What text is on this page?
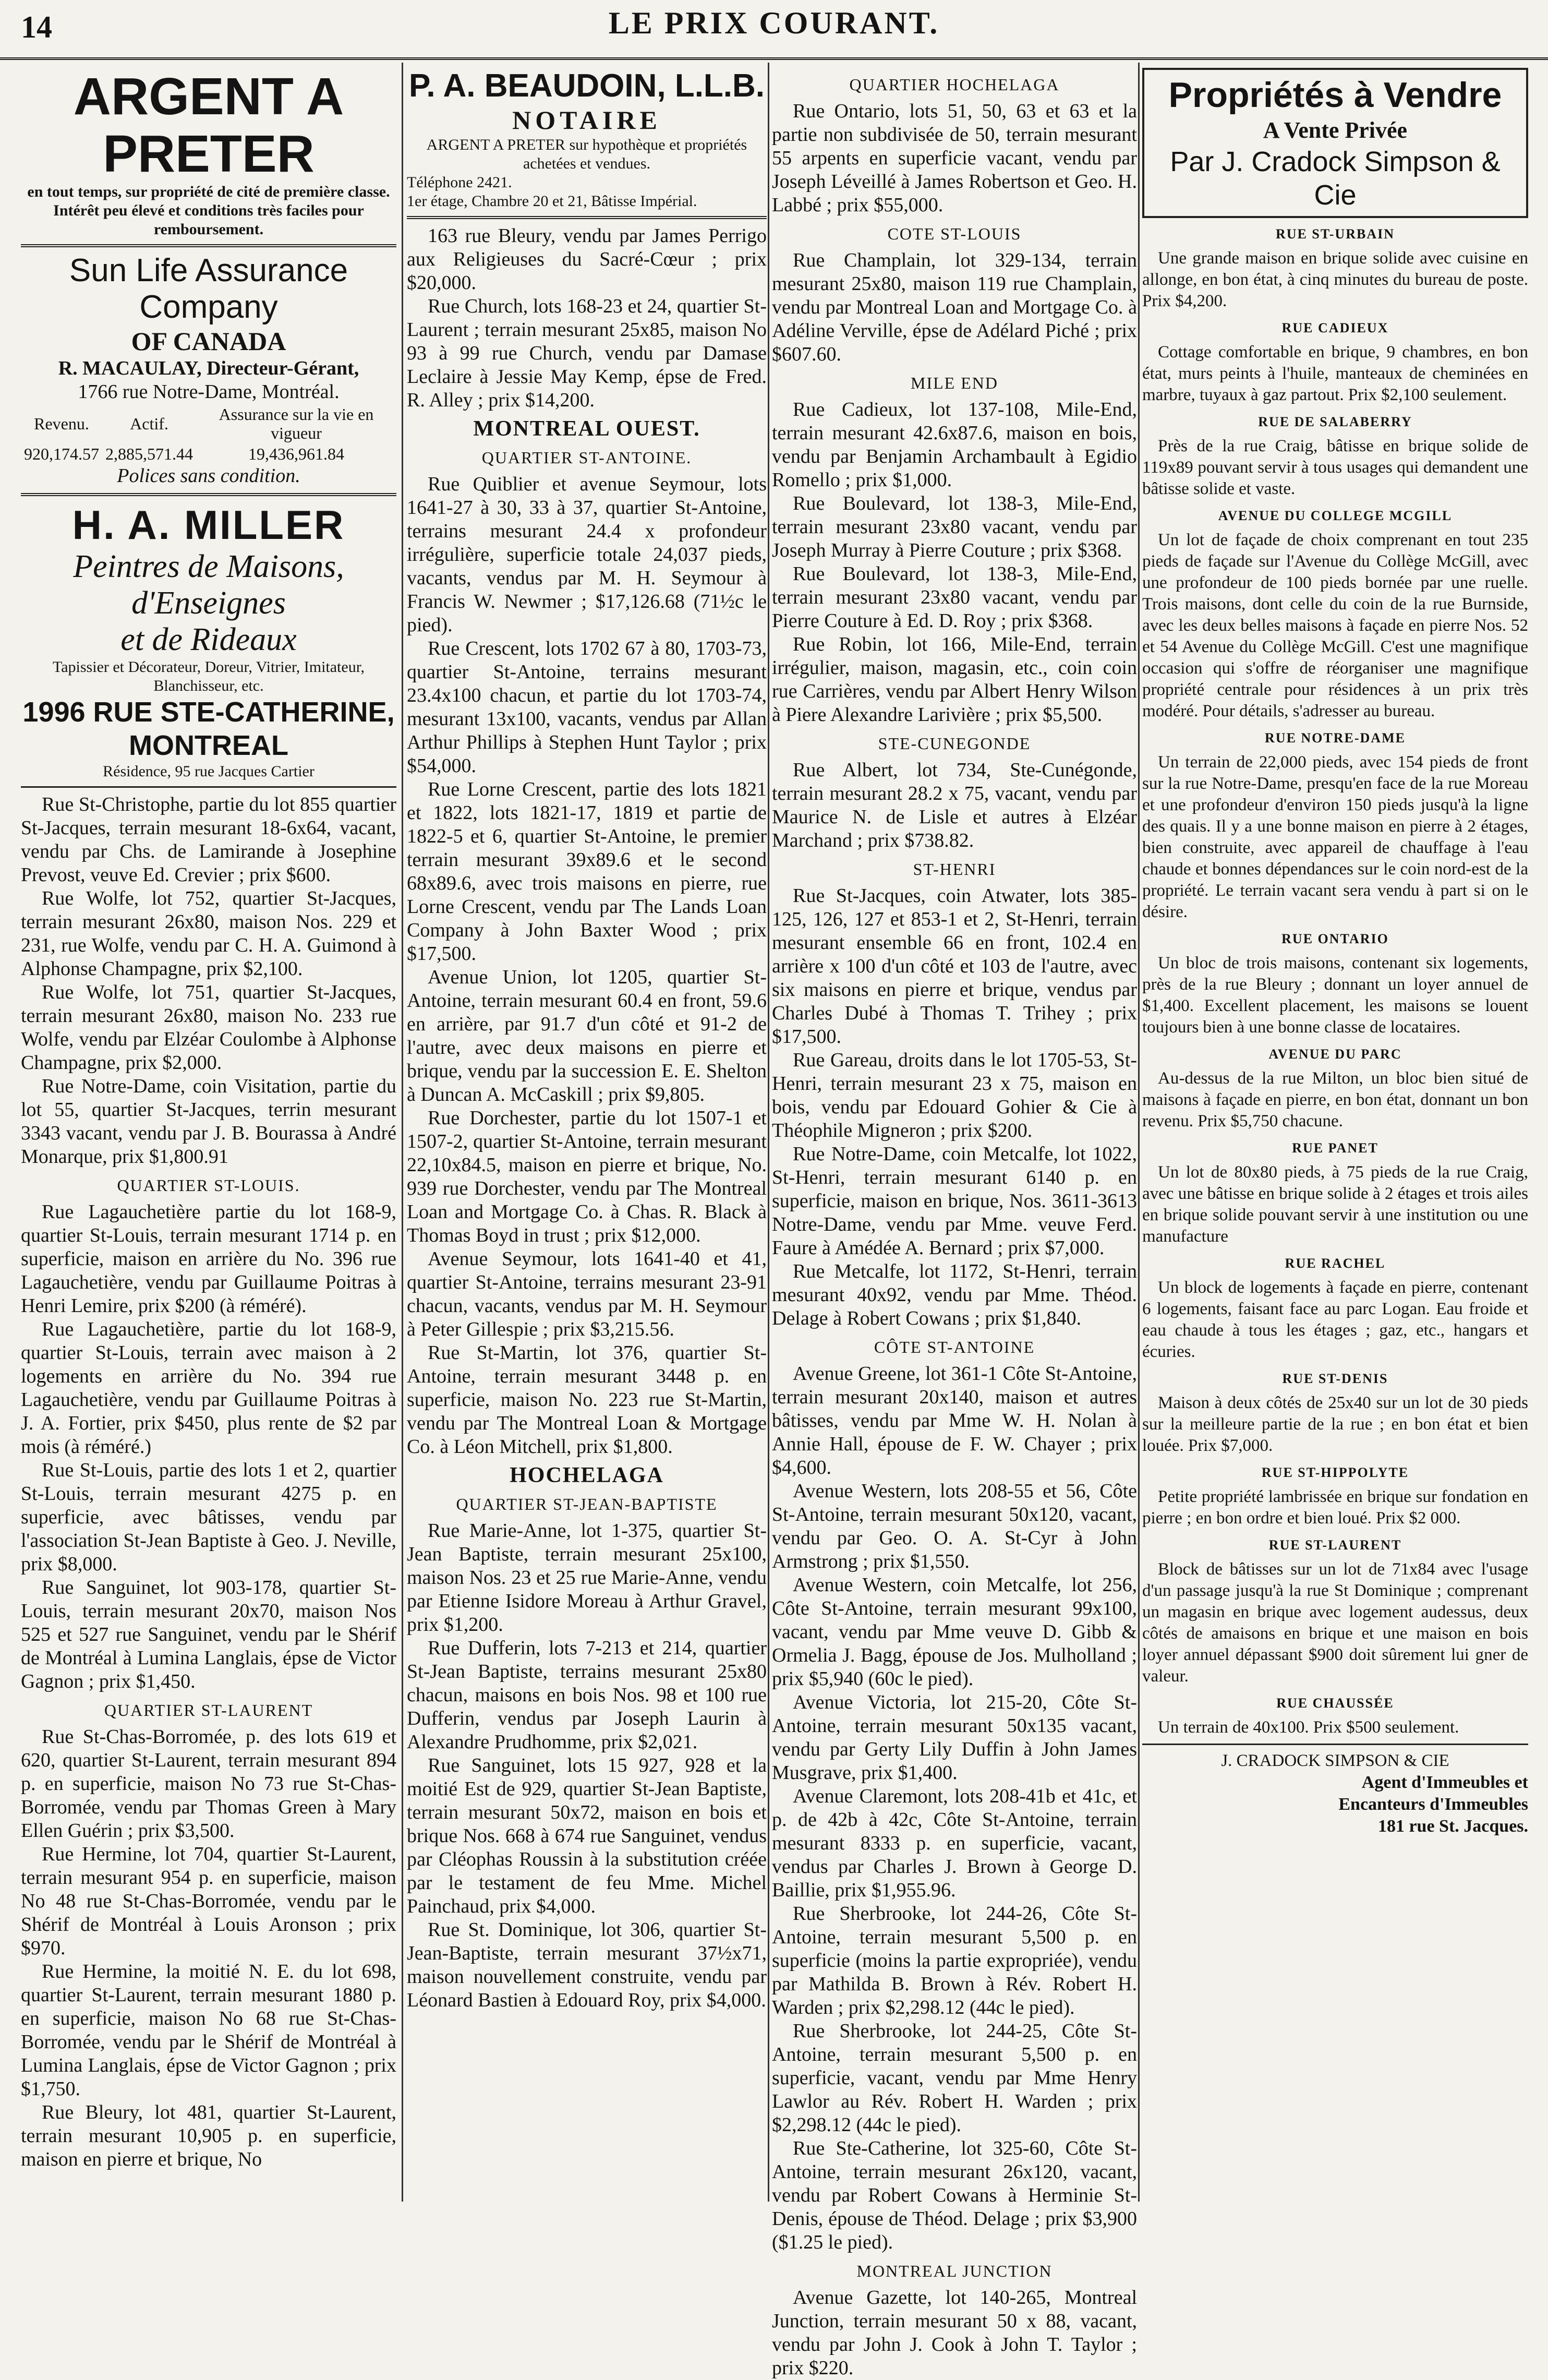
14	LE PRIX COURANT.
ARGENT A PRETER
en tout temps, sur propriété de cité de première classe. Intérêt peu élevé et conditions très faciles pour remboursement.
Sun Life Assurance Company
OF CANADA
R. MACAULAY, Directeur-Gérant,
1766 rue Notre-Dame, Montréal.
Revenu.	Actif.	Assurance sur la vie en vigueur
920,174.57	2,885,571.44	19,436,961.84
Polices sans condition.
H. A. MILLER
Peintres de Maisons, d'Enseignes
et de Rideaux
Tapissier et Décorateur, Doreur, Vitrier, Imitateur, Blanchisseur, etc.
1996 RUE STE-CATHERINE, MONTREAL
Résidence, 95 rue Jacques Cartier

Rue St-Christophe, partie du lot 855 quartier St-Jacques, terrain mesurant 18-6x64, vacant, vendu par Chs. de Lamirande à Josephine Prevost, veuve Ed. Crevier ; prix $600.

Rue Wolfe, lot 752, quartier St-Jacques, terrain mesurant 26x80, maison Nos. 229 et 231, rue Wolfe, vendu par C. H. A. Guimond à Alphonse Champagne, prix $2,100.

Rue Wolfe, lot 751, quartier St-Jacques, terrain mesurant 26x80, maison No. 233 rue Wolfe, vendu par Elzéar Coulombe à Alphonse Champagne, prix $2,000.

Rue Notre-Dame, coin Visitation, partie du lot 55, quartier St-Jacques, terrin mesurant 3343 vacant, vendu par J. B. Bourassa à André Monarque, prix $1,800.91

QUARTIER ST-LOUIS.

Rue Lagauchetière partie du lot 168-9, quartier St-Louis, terrain mesurant 1714 p. en superficie, maison en arrière du No. 396 rue Lagauchetière, vendu par Guillaume Poitras à Henri Lemire, prix $200 (à réméré).

Rue Lagauchetière, partie du lot 168-9, quartier St-Louis, terrain avec maison à 2 logements en arrière du No. 394 rue Lagauchetière, vendu par Guillaume Poitras à J. A. Fortier, prix $450, plus rente de $2 par mois (à réméré.)

Rue St-Louis, partie des lots 1 et 2, quartier St-Louis, terrain mesurant 4275 p. en superficie, avec bâtisses, vendu par l'association St-Jean Baptiste à Geo. J. Neville, prix $8,000.

Rue Sanguinet, lot 903-178, quartier St-Louis, terrain mesurant 20x70, maison Nos 525 et 527 rue Sanguinet, vendu par le Shérif de Montréal à Lumina Langlais, épse de Victor Gagnon ; prix $1,450.

QUARTIER ST-LAURENT

Rue St-Chas-Borromée, p. des lots 619 et 620, quartier St-Laurent, terrain mesurant 894 p. en superficie, maison No 73 rue St-Chas-Borromée, vendu par Thomas Green à Mary Ellen Guérin ; prix $3,500.

Rue Hermine, lot 704, quartier St-Laurent, terrain mesurant 954 p. en superficie, maison No 48 rue St-Chas-Borromée, vendu par le Shérif de Montréal à Louis Aronson ; prix $970.

Rue Hermine, la moitié N. E. du lot 698, quartier St-Laurent, terrain mesurant 1880 p. en superficie, maison No 68 rue St-Chas-Borromée, vendu par le Shérif de Montréal à Lumina Langlais, épse de Victor Gagnon ; prix $1,750.

Rue Bleury, lot 481, quartier St-Laurent, terrain mesurant 10,905 p. en superficie, maison en pierre et brique, No

P. A. BEAUDOIN, L.L.B.
NOTAIRE
ARGENT A PRETER sur hypothèque et propriétés achetées et vendues.
Téléphone 2421.
1er étage, Chambre 20 et 21, Bâtisse Impérial.

163 rue Bleury, vendu par James Perrigo aux Religieuses du Sacré-Cœur ; prix $20,000.

Rue Church, lots 168-23 et 24, quartier St-Laurent ; terrain mesurant 25x85, maison No 93 à 99 rue Church, vendu par Damase Leclaire à Jessie May Kemp, épse de Fred. R. Alley ; prix $14,200.

MONTREAL OUEST.
QUARTIER ST-ANTOINE.

Rue Quiblier et avenue Seymour, lots 1641-27 à 30, 33 à 37, quartier St-Antoine, terrains mesurant 24.4 x profondeur irrégulière, superficie totale 24,037 pieds, vacants, vendus par M. H. Seymour à Francis W. Newmer ; $17,126.68 (71½c le pied).

Rue Crescent, lots 1702 67 à 80, 1703-73, quartier St-Antoine, terrains mesurant 23.4x100 chacun, et partie du lot 1703-74, mesurant 13x100, vacants, vendus par Allan Arthur Phillips à Stephen Hunt Taylor ; prix $54,000.

Rue Lorne Crescent, partie des lots 1821 et 1822, lots 1821-17, 1819 et partie de 1822-5 et 6, quartier St-Antoine, le premier terrain mesurant 39x89.6 et le second 68x89.6, avec trois maisons en pierre, rue Lorne Crescent, vendu par The Lands Loan Company à John Baxter Wood ; prix $17,500.

Avenue Union, lot 1205, quartier St-Antoine, terrain mesurant 60.4 en front, 59.6 en arrière, par 91.7 d'un côté et 91-2 de l'autre, avec deux maisons en pierre et brique, vendu par la succession E. E. Shelton à Duncan A. McCaskill ; prix $9,805.

Rue Dorchester, partie du lot 1507-1 et 1507-2, quartier St-Antoine, terrain mesurant 22,10x84.5, maison en pierre et brique, No. 939 rue Dorchester, vendu par The Montreal Loan and Mortgage Co. à Chas. R. Black à Thomas Boyd in trust ; prix $12,000.

Avenue Seymour, lots 1641-40 et 41, quartier St-Antoine, terrains mesurant 23-91 chacun, vacants, vendus par M. H. Seymour à Peter Gillespie ; prix $3,215.56.

Rue St-Martin, lot 376, quartier St-Antoine, terrain mesurant 3448 p. en superficie, maison No. 223 rue St-Martin, vendu par The Montreal Loan & Mortgage Co. à Léon Mitchell, prix $1,800.

HOCHELAGA
QUARTIER ST-JEAN-BAPTISTE

Rue Marie-Anne, lot 1-375, quartier St-Jean Baptiste, terrain mesurant 25x100, maison Nos. 23 et 25 rue Marie-Anne, vendu par Etienne Isidore Moreau à Arthur Gravel, prix $1,200.

Rue Dufferin, lots 7-213 et 214, quartier St-Jean Baptiste, terrains mesurant 25x80 chacun, maisons en bois Nos. 98 et 100 rue Dufferin, vendus par Joseph Laurin à Alexandre Prudhomme, prix $2,021.

Rue Sanguinet, lots 15 927, 928 et la moitié Est de 929, quartier St-Jean Baptiste, terrain mesurant 50x72, maison en bois et brique Nos. 668 à 674 rue Sanguinet, vendus par Cléophas Roussin à la substitution créée par le testament de feu Mme. Michel Painchaud, prix $4,000.

Rue St. Dominique, lot 306, quartier St-Jean-Baptiste, terrain mesurant 37½x71, maison nouvellement construite, vendu par Léonard Bastien à Edouard Roy, prix $4,000.

QUARTIER HOCHELAGA

Rue Ontario, lots 51, 50, 63 et 63 et la partie non subdivisée de 50, terrain mesurant 55 arpents en superficie vacant, vendu par Joseph Léveillé à James Robertson et Geo. H. Labbé ; prix $55,000.

COTE ST-LOUIS

Rue Champlain, lot 329-134, terrain mesurant 25x80, maison 119 rue Champlain, vendu par Montreal Loan and Mortgage Co. à Adéline Verville, épse de Adélard Piché ; prix $607.60.

MILE END

Rue Cadieux, lot 137-108, Mile-End, terrain mesurant 42.6x87.6, maison en bois, vendu par Benjamin Archambault à Egidio Romello ; prix $1,000.

Rue Boulevard, lot 138-3, Mile-End, terrain mesurant 23x80 vacant, vendu par Joseph Murray à Pierre Couture ; prix $368.

Rue Boulevard, lot 138-3, Mile-End, terrain mesurant 23x80 vacant, vendu par Pierre Couture à Ed. D. Roy ; prix $368.

Rue Robin, lot 166, Mile-End, terrain irrégulier, maison, magasin, etc., coin coin rue Carrières, vendu par Albert Henry Wilson à Piere Alexandre Larivière ; prix $5,500.

STE-CUNEGONDE

Rue Albert, lot 734, Ste-Cunégonde, terrain mesurant 28.2 x 75, vacant, vendu par Maurice N. de Lisle et autres à Elzéar Marchand ; prix $738.82.

ST-HENRI

Rue St-Jacques, coin Atwater, lots 385-125, 126, 127 et 853-1 et 2, St-Henri, terrain mesurant ensemble 66 en front, 102.4 en arrière x 100 d'un côté et 103 de l'autre, avec six maisons en pierre et brique, vendus par Charles Dubé à Thomas T. Trihey ; prix $17,500.

Rue Gareau, droits dans le lot 1705-53, St-Henri, terrain mesurant 23 x 75, maison en bois, vendu par Edouard Gohier & Cie à Théophile Migneron ; prix $200.

Rue Notre-Dame, coin Metcalfe, lot 1022, St-Henri, terrain mesurant 6140 p. en superficie, maison en brique, Nos. 3611-3613 Notre-Dame, vendu par Mme. veuve Ferd. Faure à Amédée A. Bernard ; prix $7,000.

Rue Metcalfe, lot 1172, St-Henri, terrain mesurant 40x92, vendu par Mme. Théod. Delage à Robert Cowans ; prix $1,840.

CÔTE ST-ANTOINE

Avenue Greene, lot 361-1 Côte St-Antoine, terrain mesurant 20x140, maison et autres bâtisses, vendu par Mme W. H. Nolan à Annie Hall, épouse de F. W. Chayer ; prix $4,600.

Avenue Western, lots 208-55 et 56, Côte St-Antoine, terrain mesurant 50x120, vacant, vendu par Geo. O. A. St-Cyr à John Armstrong ; prix $1,550.

Avenue Western, coin Metcalfe, lot 256, Côte St-Antoine, terrain mesurant 99x100, vacant, vendu par Mme veuve D. Gibb & Ormelia J. Bagg, épouse de Jos. Mulholland ; prix $5,940 (60c le pied).

Avenue Victoria, lot 215-20, Côte St-Antoine, terrain mesurant 50x135 vacant, vendu par Gerty Lily Duffin à John James Musgrave, prix $1,400.

Avenue Claremont, lots 208-41b et 41c, et p. de 42b à 42c, Côte St-Antoine, terrain mesurant 8333 p. en superficie, vacant, vendus par Charles J. Brown à George D. Baillie, prix $1,955.96.

Rue Sherbrooke, lot 244-26, Côte St-Antoine, terrain mesurant 5,500 p. en superficie (moins la partie expropriée), vendu par Mathilda B. Brown à Rév. Robert H. Warden ; prix $2,298.12 (44c le pied).

Rue Sherbrooke, lot 244-25, Côte St-Antoine, terrain mesurant 5,500 p. en superficie, vacant, vendu par Mme Henry Lawlor au Rév. Robert H. Warden ; prix $2,298.12 (44c le pied).

Rue Ste-Catherine, lot 325-60, Côte St-Antoine, terrain mesurant 26x120, vacant, vendu par Robert Cowans à Herminie St-Denis, épouse de Théod. Delage ; prix $3,900 ($1.25 le pied).

MONTREAL JUNCTION

Avenue Gazette, lot 140-265, Montreal Junction, terrain mesurant 50 x 88, vacant, vendu par John J. Cook à John T. Taylor ; prix $220.

Propriétés à Vendre
A Vente Privée
Par J. Cradock Simpson & Cie
RUE ST-URBAIN

Une grande maison en brique solide avec cuisine en allonge, en bon état, à cinq minutes du bureau de poste. Prix $4,200.

RUE CADIEUX

Cottage comfortable en brique, 9 chambres, en bon état, murs peints à l'huile, manteaux de cheminées en marbre, tuyaux à gaz partout. Prix $2,100 seulement.

RUE DE SALABERRY

Près de la rue Craig, bâtisse en brique solide de 119x89 pouvant servir à tous usages qui demandent une bâtisse solide et vaste.

AVENUE DU COLLEGE MCGILL

Un lot de façade de choix comprenant en tout 235 pieds de façade sur l'Avenue du Collège McGill, avec une profondeur de 100 pieds bornée par une ruelle. Trois maisons, dont celle du coin de la rue Burnside, avec les deux belles maisons à façade en pierre Nos. 52 et 54 Avenue du Collège McGill. C'est une magnifique occasion qui s'offre de réorganiser une magnifique propriété centrale pour résidences à un prix très modéré. Pour détails, s'adresser au bureau.

RUE NOTRE-DAME

Un terrain de 22,000 pieds, avec 154 pieds de front sur la rue Notre-Dame, presqu'en face de la rue Moreau et une profondeur d'environ 150 pieds jusqu'à la ligne des quais. Il y a une bonne maison en pierre à 2 étages, bien construite, avec appareil de chauffage à l'eau chaude et bonnes dépendances sur le coin nord-est de la propriété. Le terrain vacant sera vendu à part si on le désire.

RUE ONTARIO

Un bloc de trois maisons, contenant six logements, près de la rue Bleury ; donnant un loyer annuel de $1,400. Excellent placement, les maisons se louent toujours bien à une bonne classe de locataires.

AVENUE DU PARC

Au-dessus de la rue Milton, un bloc bien situé de maisons à façade en pierre, en bon état, donnant un bon revenu. Prix $5,750 chacune.

RUE PANET

Un lot de 80x80 pieds, à 75 pieds de la rue Craig, avec une bâtisse en brique solide à 2 étages et trois ailes en brique solide pouvant servir à une institution ou une manufacture

RUE RACHEL

Un block de logements à façade en pierre, contenant 6 logements, faisant face au parc Logan. Eau froide et eau chaude à tous les étages ; gaz, etc., hangars et écuries.

RUE ST-DENIS

Maison à deux côtés de 25x40 sur un lot de 30 pieds sur la meilleure partie de la rue ; en bon état et bien louée. Prix $7,000.

RUE ST-HIPPOLYTE

Petite propriété lambrissée en brique sur fondation en pierre ; en bon ordre et bien loué. Prix $2 000.

RUE ST-LAURENT

Block de bâtisses sur un lot de 71x84 avec l'usage d'un passage jusqu'à la rue St Dominique ; comprenant un magasin en brique avec logement audessus, deux côtés de amaisons en brique et une maison en bois loyer annuel dépassant $900 doit sûrement lui gner de valeur.

RUE CHAUSSÉE

Un terrain de 40x100. Prix $500 seulement.

J. CRADOCK SIMPSON & CIE
Agent d'Immeubles et
Encanteurs d'Immeubles
181 rue St. Jacques.
